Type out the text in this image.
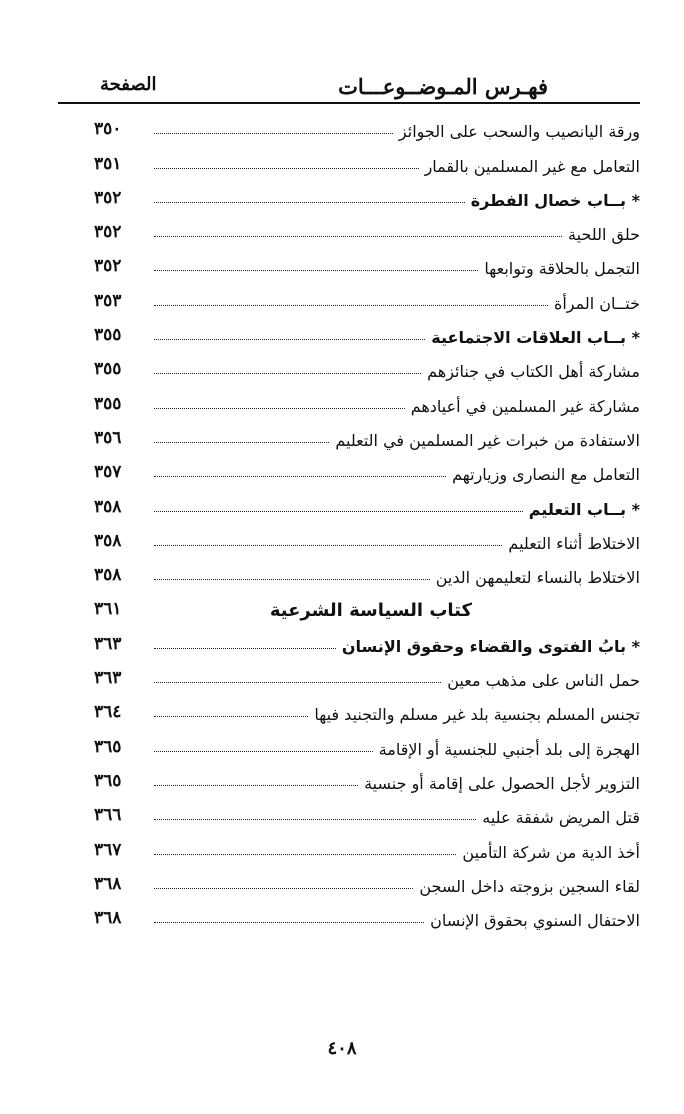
فهـرس المـوضــوعـــات
الصفحة
ورقة اليانصيب والسحب على الجوائز
٣٥٠
التعامل مع غير المسلمين بالقمار
٣٥١
* بــاب خصال الفطرة
٣٥٢
حلق اللحية
٣٥٢
التجمل بالحلاقة وتوابعها
٣٥٢
ختــان المرأة
٣٥٣
* بــاب العلاقات الاجتماعية
٣٥٥
مشاركة أهل الكتاب في جنائزهم
٣٥٥
مشاركة غير المسلمين في أعيادهم
٣٥٥
الاستفادة من خبرات غير المسلمين في التعليم
٣٥٦
التعامل مع النصارى وزيارتهم
٣٥٧
* بــاب التعليم
٣٥٨
الاختلاط أثناء التعليم
٣٥٨
الاختلاط بالنساء لتعليمهن الدين
٣٥٨
كتاب السياسة الشرعية
٣٦١
* بابُ الفتوى والقضاء وحقوق الإنسان
٣٦٣
حمل الناس على مذهب معين
٣٦٣
تجنس المسلم بجنسية بلد غير مسلم والتجنيد فيها
٣٦٤
الهجرة إلى بلد أجنبي للجنسية أو الإقامة
٣٦٥
التزوير لأجل الحصول على إقامة أو جنسية
٣٦٥
قتل المريض شفقة عليه
٣٦٦
أخذ الدية من شركة التأمين
٣٦٧
لقاء السجين بزوجته داخل السجن
٣٦٨
الاحتفال السنوي بحقوق الإنسان
٣٦٨
٤٠٨
